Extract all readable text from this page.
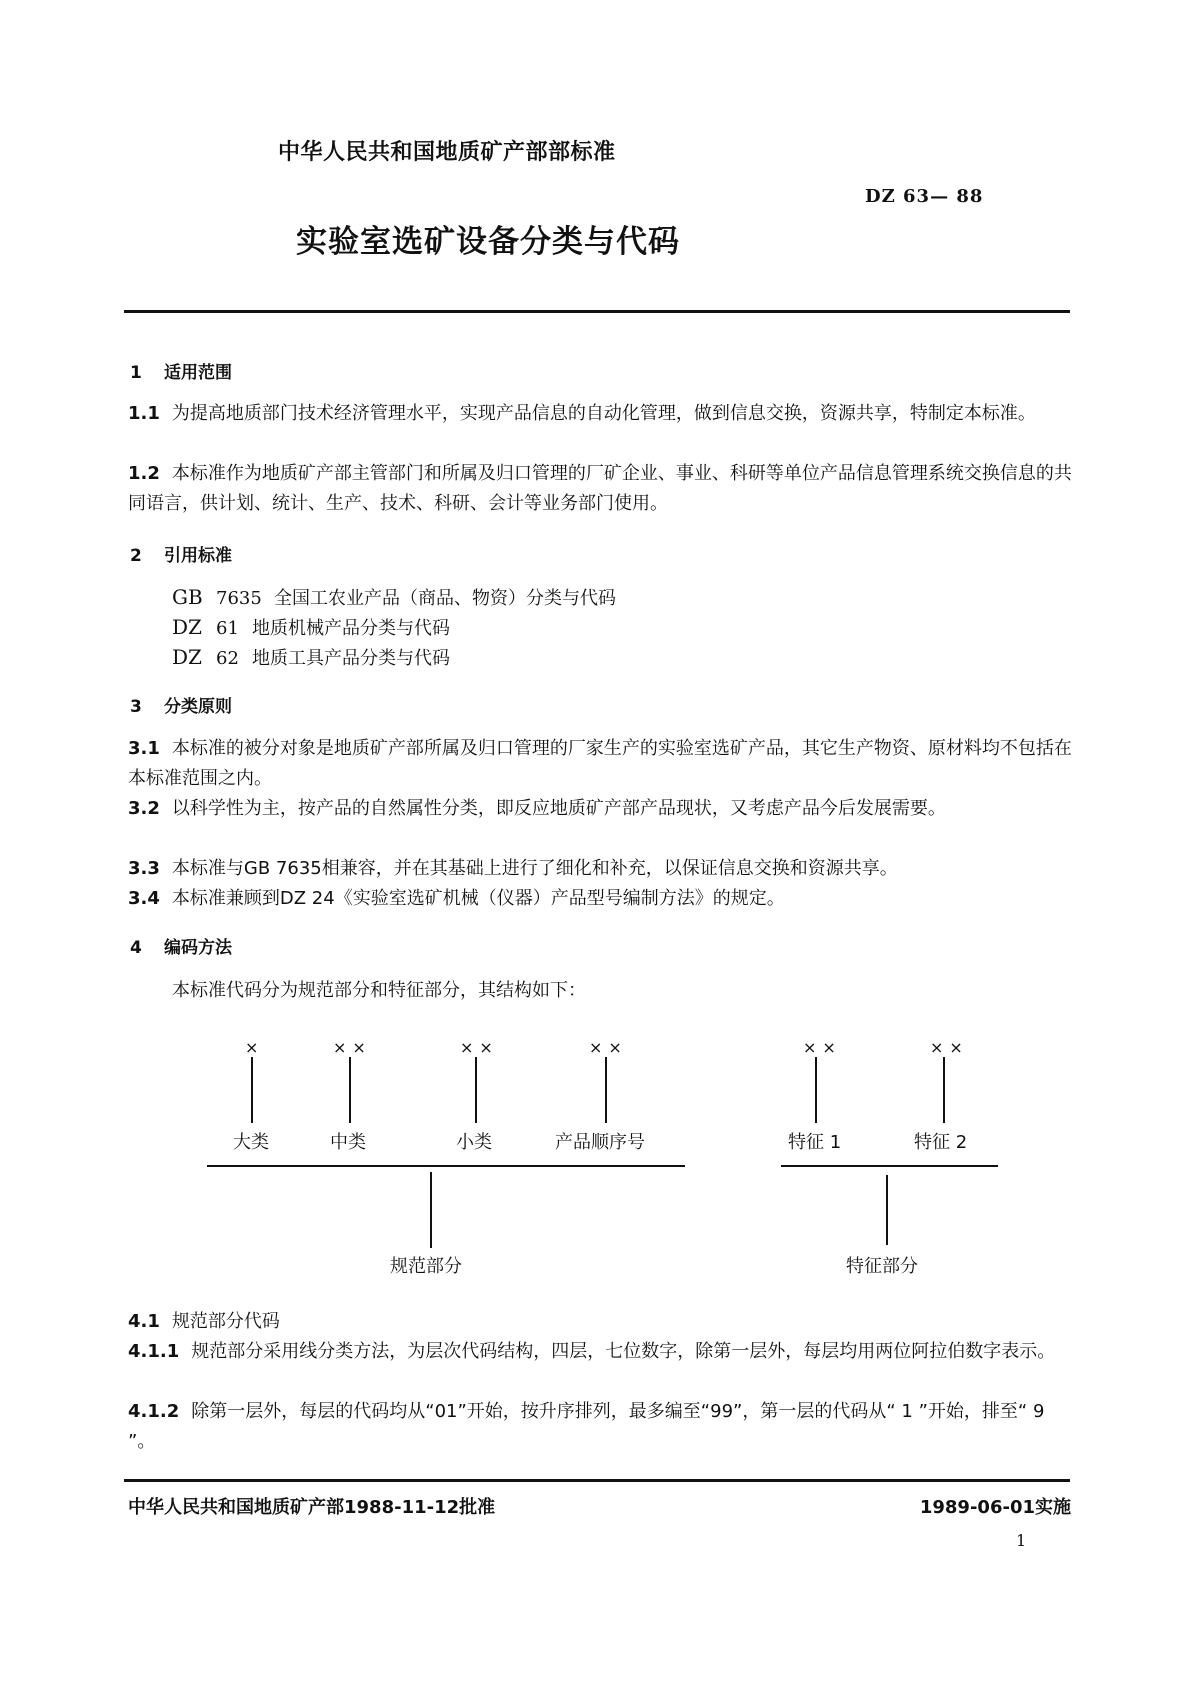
中华人民共和国地质矿产部部标准
DZ 63— 88
实验室选矿设备分类与代码
1 适用范围
1.1 为提高地质部门技术经济管理水平，实现产品信息的自动化管理，做到信息交换，资源共享，特制定本标准。
1.2 本标准作为地质矿产部主管部门和所属及归口管理的厂矿企业、事业、科研等单位产品信息管理系统交换信息的共同语言，供计划、统计、生产、技术、科研、会计等业务部门使用。
2 引用标准
GB 7635 全国工农业产品（商品、物资）分类与代码
DZ 61 地质机械产品分类与代码
DZ 62 地质工具产品分类与代码
3 分类原则
3.1 本标准的被分对象是地质矿产部所属及归口管理的厂家生产的实验室选矿产品，其它生产物资、原材料均不包括在本标准范围之内。
3.2 以科学性为主，按产品的自然属性分类，即反应地质矿产部产品现状，又考虑产品今后发展需要。
3.3 本标准与GB 7635相兼容，并在其基础上进行了细化和补充，以保证信息交换和资源共享。
3.4 本标准兼顾到DZ 24《实验室选矿机械（仪器）产品型号编制方法》的规定。
4 编码方法
本标准代码分为规范部分和特征部分，其结构如下：
×
大类
××
中类
××
小类
××
产品顺序号
规范部分
××
特征 1
××
特征 2
特征部分
4.1 规范部分代码
4.1.1 规范部分采用线分类方法，为层次代码结构，四层，七位数字，除第一层外，每层均用两位阿拉伯数字表示。
4.1.2 除第一层外，每层的代码均从“01”开始，按升序排列，最多编至“99”，第一层的代码从“ 1 ”开始，排至“ 9 ”。
中华人民共和国地质矿产部1988-11-12批准	1989-06-01实施
1
